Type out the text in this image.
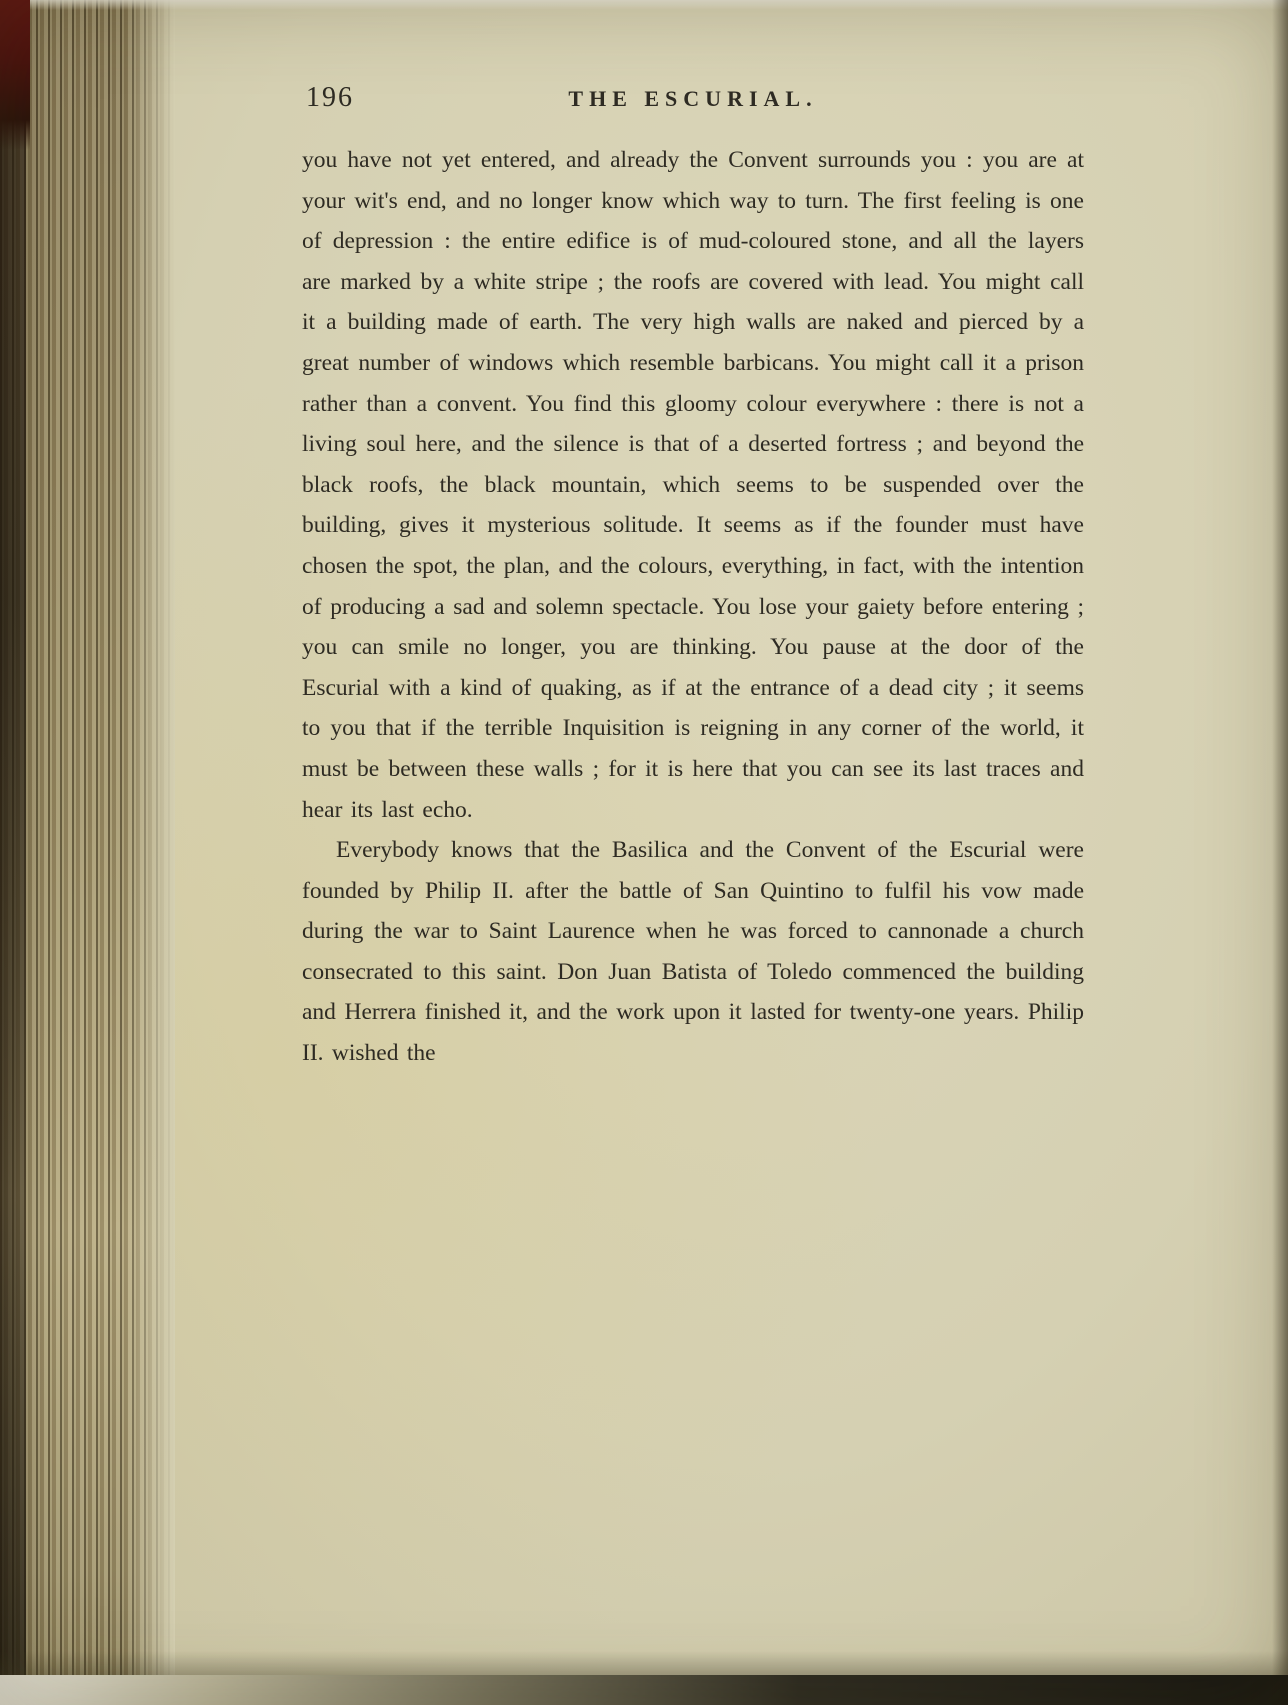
196	THE ESCURIAL.

you have not yet entered, and already the Convent surrounds you : you are at your wit's end, and no longer know which way to turn. The first feeling is one of depression : the entire edifice is of mud-coloured stone, and all the layers are marked by a white stripe ; the roofs are covered with lead. You might call it a building made of earth. The very high walls are naked and pierced by a great number of windows which resemble barbicans. You might call it a prison rather than a convent. You find this gloomy colour everywhere : there is not a living soul here, and the silence is that of a deserted fortress ; and beyond the black roofs, the black mountain, which seems to be suspended over the building, gives it mysterious solitude. It seems as if the founder must have chosen the spot, the plan, and the colours, everything, in fact, with the intention of producing a sad and solemn spectacle. You lose your gaiety before entering ; you can smile no longer, you are thinking. You pause at the door of the Escurial with a kind of quaking, as if at the entrance of a dead city ; it seems to you that if the terrible Inquisition is reigning in any corner of the world, it must be between these walls ; for it is here that you can see its last traces and hear its last echo.

Everybody knows that the Basilica and the Convent of the Escurial were founded by Philip II. after the battle of San Quintino to fulfil his vow made during the war to Saint Laurence when he was forced to cannonade a church consecrated to this saint. Don Juan Batista of Toledo commenced the building and Herrera finished it, and the work upon it lasted for twenty-one years. Philip II. wished the
